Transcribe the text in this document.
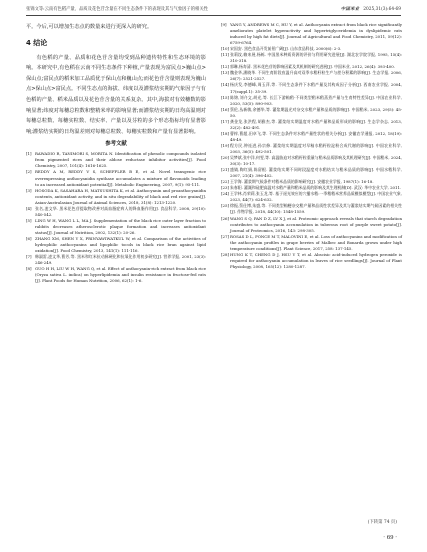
张锦文等:云南有色稻产量、品质及花色苷含量在不同生态条件下的表现及其与气象因子的相关性	中国米业 2025,31(3):64-69

平。今后,可以增加生态点的数量来进行更深入的研究。

4 结论

有色稻的产量、品质和花色苷含量均受到品种遗传特性和生态环境的影响。本研究中,有色稻在云南不同生态条件下种植,产量表现为富民点>巍山点>保山点;富民点的稻米加工品质优于保山点和巍山点;而花色苷含量则表现为巍山点>保山点>富民点。不同生态点的海拔、纬度以及灌浆结实期的气象因子与有色稻的产量、稻米品质以及花色苷含量的关系复杂。其中,海拔对有效穗数的影响显著;纬度对每穗总粒数和整精米率的影响显著;而灌浆结实期的日均高温则对每穗总粒数、每穗实粒数、结实率、产量以及芬粒的多个形态指标均有显著影响;灌浆结实期的日均温差则对每穗总粒数、每穗实粒数和产量有显著影响。

参考文献
[1] RAWADIO R, TANIMORI S, MORITA N. Identification of phenolic compounds isolated from pigmented rices and their aldose reductase inhibitor activities[J]. Food Chemistry, 2007, 101(4): 1616-1625.
[2] REDDY A M, REDDY V S, SCHEFFLER B E, et al. Novel transgenic rice overexpressing anthocyanidin synthase accumulates a mixture of flavonoids leading to an increased antioxidant potential[J]. Metabolic Engineering, 2007, 9(1): 95-111.
[3] HOSODA K, SASAHARA H, MATSUSHITA K, et al. Anthocyanin and proanthocyanidin contents, antioxidant activity, and in situ degradability of black and red rice grains[J]. Asian-Australasian Journal of Animal Sciences, 2018, 31(8): 1213-1220.
[4] 张名,凌文华. 黑米花色苷提取物改善对高血脂症病人的降血脂作用[J]. 食品科学, 2008, 29(10): 540-542.
[5] LING W H, WANG L L, MA J. Supplementation of the black rice outer layer fraction to rabbits decreases atherosclerotic plaque formation and increases antioxidant status[J]. Journal of Nutrition, 2002, 132(1): 20-26.
[6] ZHANG XM, SHEN Y X, PRINYAWIWATKUL W, et al. Comparison of the activities of hydrophilic anthocyanins and lipophilic tocols in black rice bran against lipid oxidation[J]. Food Chemistry, 2013, 141(1): 111-116.
[7] 韩淑雷,凌文华,曹芳,等. 黑米和红米抗动脉硬化和抗氧化作用初步研究[J]. 营养学报, 2001, 23(3): 246-249.
[8] GUO H H, LIU W H, WANG Q, et al. Effect of anthocyanin-rich extract from black rice (Oryza sativa L. indica) on hyperlipidemia and insulin resistance in fructose-fed rats [J]. Plant Foods for Human Nutrition, 2006, 62(1): 1-6.
[9] YANG Y, ANDREWS M C, HU Y, et al. Anthocyanin extract from black rice significantly ameliorates platelet hyperactivity and hypertriglyceridemia in dyslipidemic rats induced by high fat diets[J]. Journal of Agricultural and Food Chemistry, 2011, 59(12): 6759-6764.
[10] 宋国安. 黑色食品开发前景广阔[J]. 山东食品科技, 2000(6): 2-3.
[11] 张莉纹,赖来展,杨栋. 中国黑米种质资源的评价与利用研究进展[J]. 湖北农学院学报, 1995, 15(4): 310-318.
[12] 郭琳,杨寿清. 黑米花色苷的影响因素及其机制的研究进展[J]. 中国米业, 2012, 26(4): 393-400.
[13] 魏金华,潘晓华. 不同生育阶段夜温升高对双季水稻籽粒生产与蔗分积累的影响[J]. 生态学报, 2006, 26(7): 2521-2527.
[14] 杨庆发,李德峰,周玉萍,等. 不同生态条件下水稻产量及其构成因子分析[J]. 西南农业学报, 2004, 17(suppl.1): 35-39.
[15] 陈锦,刘介文,胡光,等. 长江下游籼稻-不同类型稻米稻蒸煮产量与生育特性差异[J]. 中国农业科学, 2020, 53(5): 890-903.
[16] 蔡伦,丛新敏,余德华,等. 灌浆期温光对杂交水稻产量和品质的影响[J]. 中国稻米, 2023, 29(5): 45-50.
[17] 龚金龙,张洪程,胡雅杰,等. 灌浆结实期温度对水稻产量和品质形成的影响[J]. 生态学杂志, 2013, 32(2): 482-491.
[18] 曹梓,曹超,田卓飞,等. 不同生态条件对水稻产量性状的相关分析[J]. 安徽农学通报, 2012, 18(19): 48-49.
[19] 程方民,钟连进,孙宗修. 灌浆结实期温度对早籼水稻籽粒淀粉合成代谢的影响[J]. 中国农业科学, 2003, 36(5): 492-501.
[20] 吴梦斌,张中洋,何雯,等. 高温胁迫对水稻籽粒重量与稻米品质影响及其机理研究[J]. 中国稻米, 2024, 30(3): 10-17.
[21] 盛婧,陶红娟,陈留根. 灌浆结实期不同时段温度对水稻结实与稻米品质的影响[J]. 中国水稻科学, 2007, 21(4): 396-402.
[22] 王学海. 灌浆期气候条件对稻米品质的影响研究[J]. 安徽农业学报, 1987(1): 16-18.
[23] 朱春阳. 灌溉和硅肥高温对水稻产量和稻米品质的影响及其生理机制[D]. 武汉: 华中农业大学, 2011.
[24] 王学林,肖荣莉,张玉龙,等. 基于遥光效应的穴播水稻:一季稻稻米营养品质模拟模型[J]. 中国农业气象, 2023, 44(7): 624-632.
[25] 徐振,蔡仕博,朱盛,等. 不同类型籼粳杂交稻产量和品质性状差异及其与灌浆结实期气候因素的相关性[J]. 作物学报, 2018, 44(10): 1548-1559.
[26] WANG S Q, PAN D Z, LV X J, et al. Proteomic approach reveals that starch degradation contributes to anthocyanin accumulation in tuberous root of purple sweet potato[J]. Journal of Proteomics, 2016, 143: 298-305.
[27] ROSAS D L, PONCE M T, MALOVINI E, et al. Loss of anthocyanins and modification of the anthocyanin profiles in grape berries of Malbec and Bonarda grown under high temperature conditions[J]. Plant Science, 2017, 258: 137-145.
[28] HUNG K T, CHENG D J, HSU Y T, et al. Abscisic acid-induced hydrogen peroxide is required for anthocyanin accumulation in leaves of rice seedlings[J]. Journal of Plant Physiology, 2008, 165(12): 1280-1287.
(下转第 74 页)
· 69 ·
